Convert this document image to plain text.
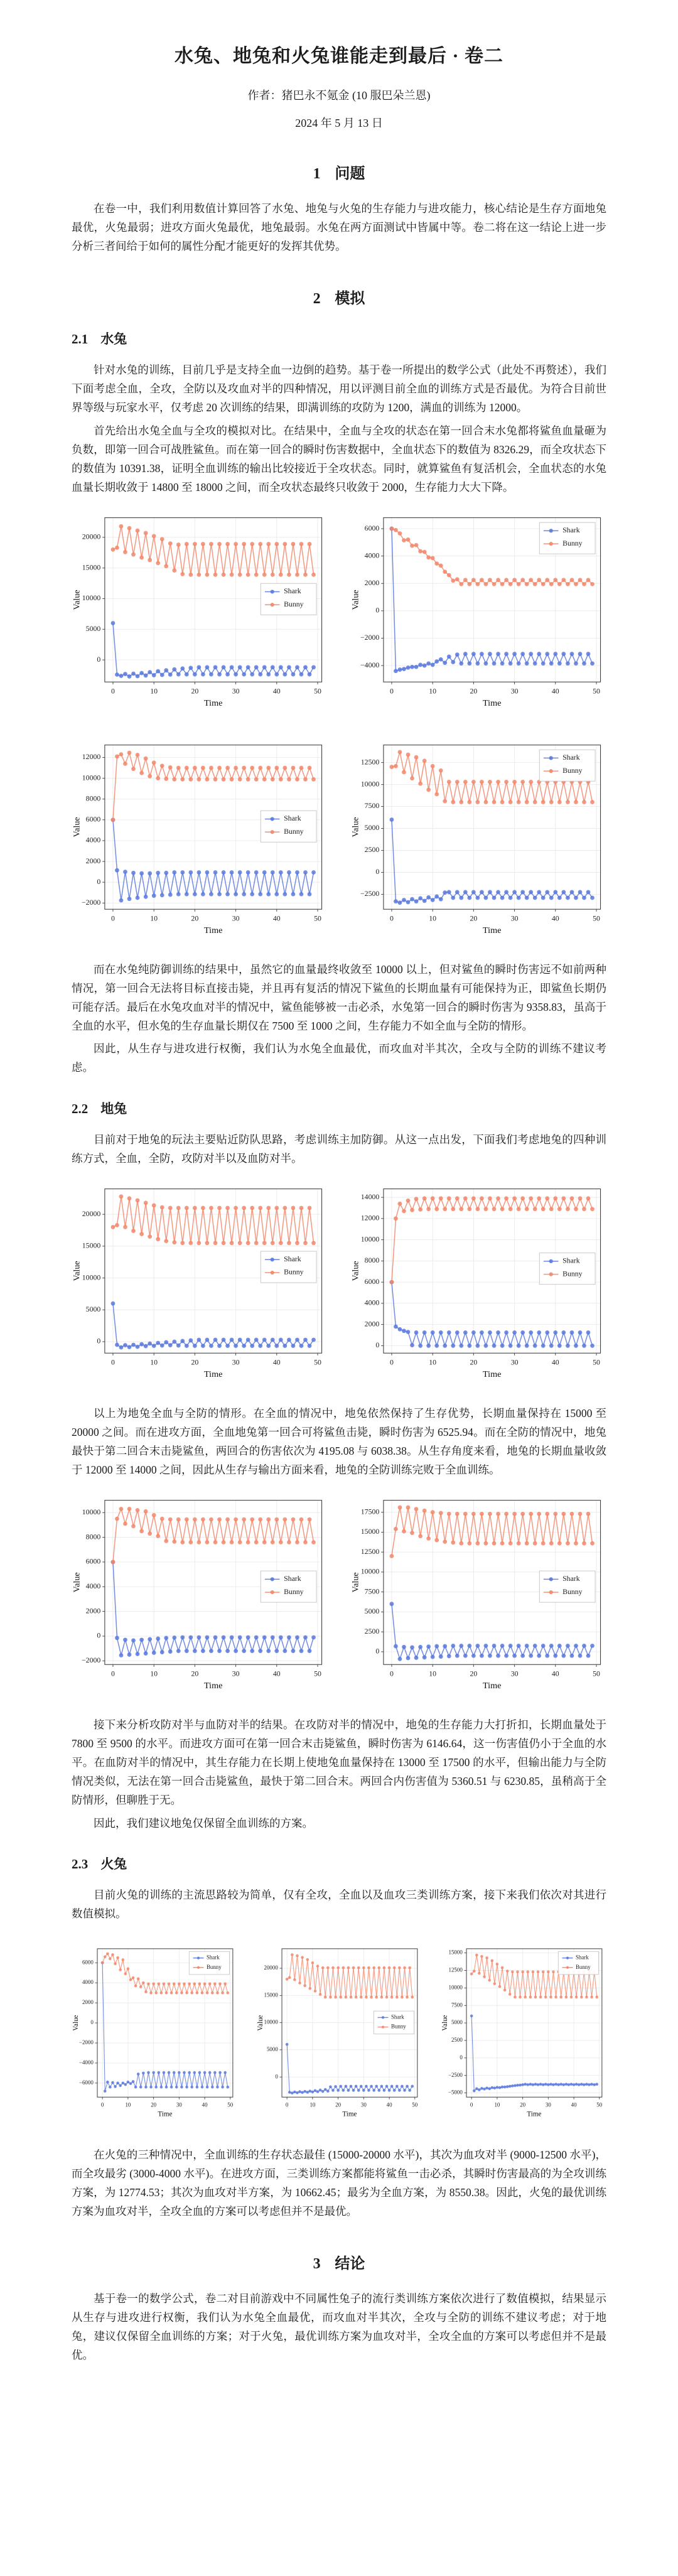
水兔、地兔和火兔谁能走到最后 · 卷二
作者：猪巴永不氪金 (10 服巴朵兰恩)
2024 年 5 月 13 日
1 问题

在卷一中，我们利用数值计算回答了水兔、地兔与火兔的生存能力与进攻能力，核心结论是生存方面地兔最优，火兔最弱；进攻方面火兔最优，地兔最弱。水兔在两方面测试中皆属中等。卷二将在这一结论上进一步分析三者间给于如何的属性分配才能更好的发挥其优势。

2 模拟
2.1 水兔

针对水兔的训练，目前几乎是支持全血一边倒的趋势。基于卷一所提出的数学公式（此处不再赘述），我们下面考虑全血，全攻，全防以及攻血对半的四种情况，用以评测目前全血的训练方式是否最优。为符合目前世界等级与玩家水平，仅考虑 20 次训练的结果，即满训练的攻防为 1200，满血的训练为 12000。

首先给出水兔全血与全攻的模拟对比。在结果中，全血与全攻的状态在第一回合末水兔都将鲨鱼血量砸为负数，即第一回合可战胜鲨鱼。而在第一回合的瞬时伤害数据中，全血状态下的数值为 8326.29，而全攻状态下的数值为 10391.38，证明全血训练的输出比较接近于全攻状态。同时，就算鲨鱼有复活机会，全血状态的水兔血量长期收敛于 14800 至 18000 之间，而全攻状态最终只收敛于 2000，生存能力大大下降。

0
5000
10000
15000
20000
0	10	20	30	40	50
Time
Value	Shark
Bunny
−4000
−2000
0
2000
4000
6000
0	10	20	30	40	50
Time
Value
Shark
Bunny
−2000
0
2000
4000
6000
8000
10000
12000
0	10	20	30	40	50
Time
Value	Shark
Bunny
−2500
0
2500
5000
7500
10000
12500
0	10	20	30	40	50
Time
Value
Shark
Bunny

而在水兔纯防御训练的结果中，虽然它的血量最终收敛至 10000 以上，但对鲨鱼的瞬时伤害远不如前两种情况，第一回合无法将目标直接击毙，并且再有复活的情况下鲨鱼的长期血量有可能保持为正，即鲨鱼长期仍可能存活。最后在水兔攻血对半的情况中，鲨鱼能够被一击必杀，水兔第一回合的瞬时伤害为 9358.83，虽高于全血的水平，但水兔的生存血量长期仅在 7500 至 1000 之间，生存能力不如全血与全防的情形。

因此，从生存与进攻进行权衡，我们认为水兔全血最优，而攻血对半其次，全攻与全防的训练不建议考虑。

2.2 地兔

目前对于地兔的玩法主要贴近防队思路，考虑训练主加防御。从这一点出发，下面我们考虑地兔的四种训练方式，全血，全防，攻防对半以及血防对半。

0
5000
10000
15000
20000
0	10	20	30	40	50
Time
Value
Shark
Bunny
0
2000
4000
6000
8000
10000
12000
14000
0	10	20	30	40	50
Time
Value
Shark
Bunny

以上为地兔全血与全防的情形。在全血的情况中，地兔依然保持了生存优势，长期血量保持在 15000 至 20000 之间。而在进攻方面，全血地兔第一回合可将鲨鱼击毙，瞬时伤害为 6525.94。而在全防的情况中，地兔最快于第二回合末击毙鲨鱼，两回合的伤害依次为 4195.08 与 6038.38。从生存角度来看，地兔的长期血量收敛于 12000 至 14000 之间，因此从生存与输出方面来看，地兔的全防训练完败于全血训练。

−2000
0
2000
4000
6000
8000
10000
0	10	20	30	40	50
Time
Value	Shark
Bunny
0
2500
5000
7500
10000
12500
15000
17500
0	10	20	30	40	50
Time
Value	Shark
Bunny

接下来分析攻防对半与血防对半的结果。在攻防对半的情况中，地兔的生存能力大打折扣，长期血量处于 7800 至 9500 的水平。而进攻方面可在第一回合末击毙鲨鱼，瞬时伤害为 6146.64，这一伤害值仍小于全血的水平。在血防对半的情况中，其生存能力在长期上使地兔血量保持在 13000 至 17500 的水平，但输出能力与全防情况类似，无法在第一回合击毙鲨鱼，最快于第二回合末。两回合内伤害值为 5360.51 与 6230.85，虽稍高于全防情形，但聊胜于无。

因此，我们建议地兔仅保留全血训练的方案。

2.3 火兔

目前火兔的训练的主流思路较为简单，仅有全攻，全血以及血攻三类训练方案，接下来我们依次对其进行数值模拟。

−6000
−4000
−2000
0
2000
4000
6000
0	10	20	30	40	50
Time
Value
Shark
Bunny
0
5000
10000
15000
20000
0	10	20	30	40	50
Time
Value	Shark
Bunny
−5000
−2500
0
2500
5000
7500
10000
12500
15000
0	10	20	30	40	50
Time
Value
Shark
Bunny

在火兔的三种情况中，全血训练的生存状态最佳 (15000-20000 水平)，其次为血攻对半 (9000-12500 水平)，而全攻最劣 (3000-4000 水平)。在进攻方面，三类训练方案都能将鲨鱼一击必杀，其瞬时伤害最高的为全攻训练方案，为 12774.53；其次为血攻对半方案，为 10662.45；最劣为全血方案，为 8550.38。因此，火兔的最优训练方案为血攻对半，全攻全血的方案可以考虑但并不是最优。

3 结论

基于卷一的数学公式，卷二对目前游戏中不同属性兔子的流行类训练方案依次进行了数值模拟，结果显示从生存与进攻进行权衡，我们认为水兔全血最优，而攻血对半其次，全攻与全防的训练不建议考虑；对于地兔，建议仅保留全血训练的方案；对于火兔，最优训练方案为血攻对半，全攻全血的方案可以考虑但并不是最优。
